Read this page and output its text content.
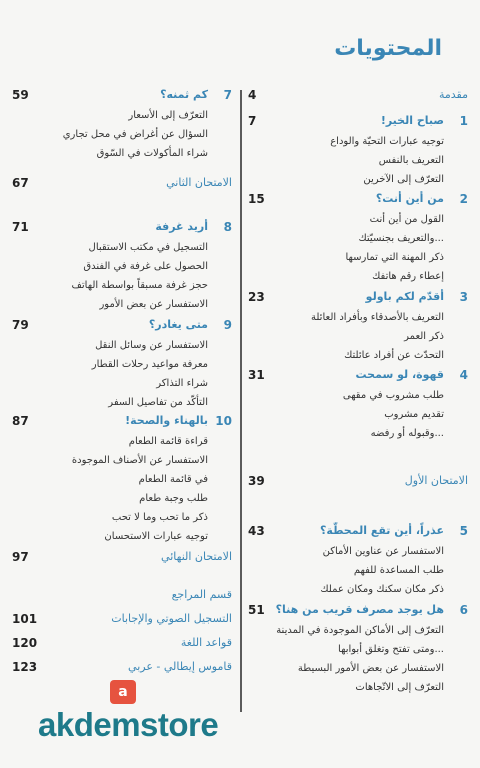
المحتويات
4	مقدمة
7	صباح الخير! 1
توجيه عبارات التحيّة والوداع
التعريف بالنفس
التعرّف إلى الآخرين
15	من أين أنت؟ 2
القول من أين أنت
...والتعريف بجنسيّتك
ذكر المهنة التي تمارسها
إعطاء رقم هاتفك
23	أقدّم لكم باولو 3
التعريف بالأصدقاء وبأفراد العائلة
ذكر العمر
التحدّث عن أفراد عائلتك
31	قهوة، لو سمحت 4
طلب مشروب في مقهى
تقديم مشروب
...وقبوله أو رفضه
39	الامتحان الأول
43	عذراً، أين تقع المحطّة؟ 5
الاستفسار عن عناوين الأماكن
طلب المساعدة للفهم
ذكر مكان سكنك ومكان عملك
51 هل يوجد مصرف قريب من هنا؟ 6
التعرّف إلى الأماكن الموجودة في المدينة
...ومتى تفتح وتغلق أبوابها
الاستفسار عن بعض الأمور البسيطة
التعرّف إلى الاتّجاهات
59	كم ثمنه؟ 7
التعرّف إلى الأسعار
السؤال عن أغراض في محل تجاري
شراء المأكولات في السّوق
67	الامتحان الثاني
71	أريد غرفة 8
التسجيل في مكتب الاستقبال
الحصول على غرفة في الفندق
حجز غرفة مسبقاً بواسطة الهاتف
الاستفسار عن بعض الأمور
79	متى يغادر؟ 9
الاستفسار عن وسائل النقل
معرفة مواعيد رحلات القطار
شراء التذاكر
التأكّد من تفاصيل السفر
87	بالهناء والصحة! 10
قراءة قائمة الطعام
الاستفسار عن الأصناف الموجودة
في قائمة الطعام
طلب وجبة طعام
ذكر ما تحب وما لا تحب
توجيه عبارات الاستحسان
97	الامتحان النهائي
قسم المراجع
101	التسجيل الصوتي والإجابات
120	قواعد اللغة
123	قاموس إيطالي - عربي
a
akdemstore
